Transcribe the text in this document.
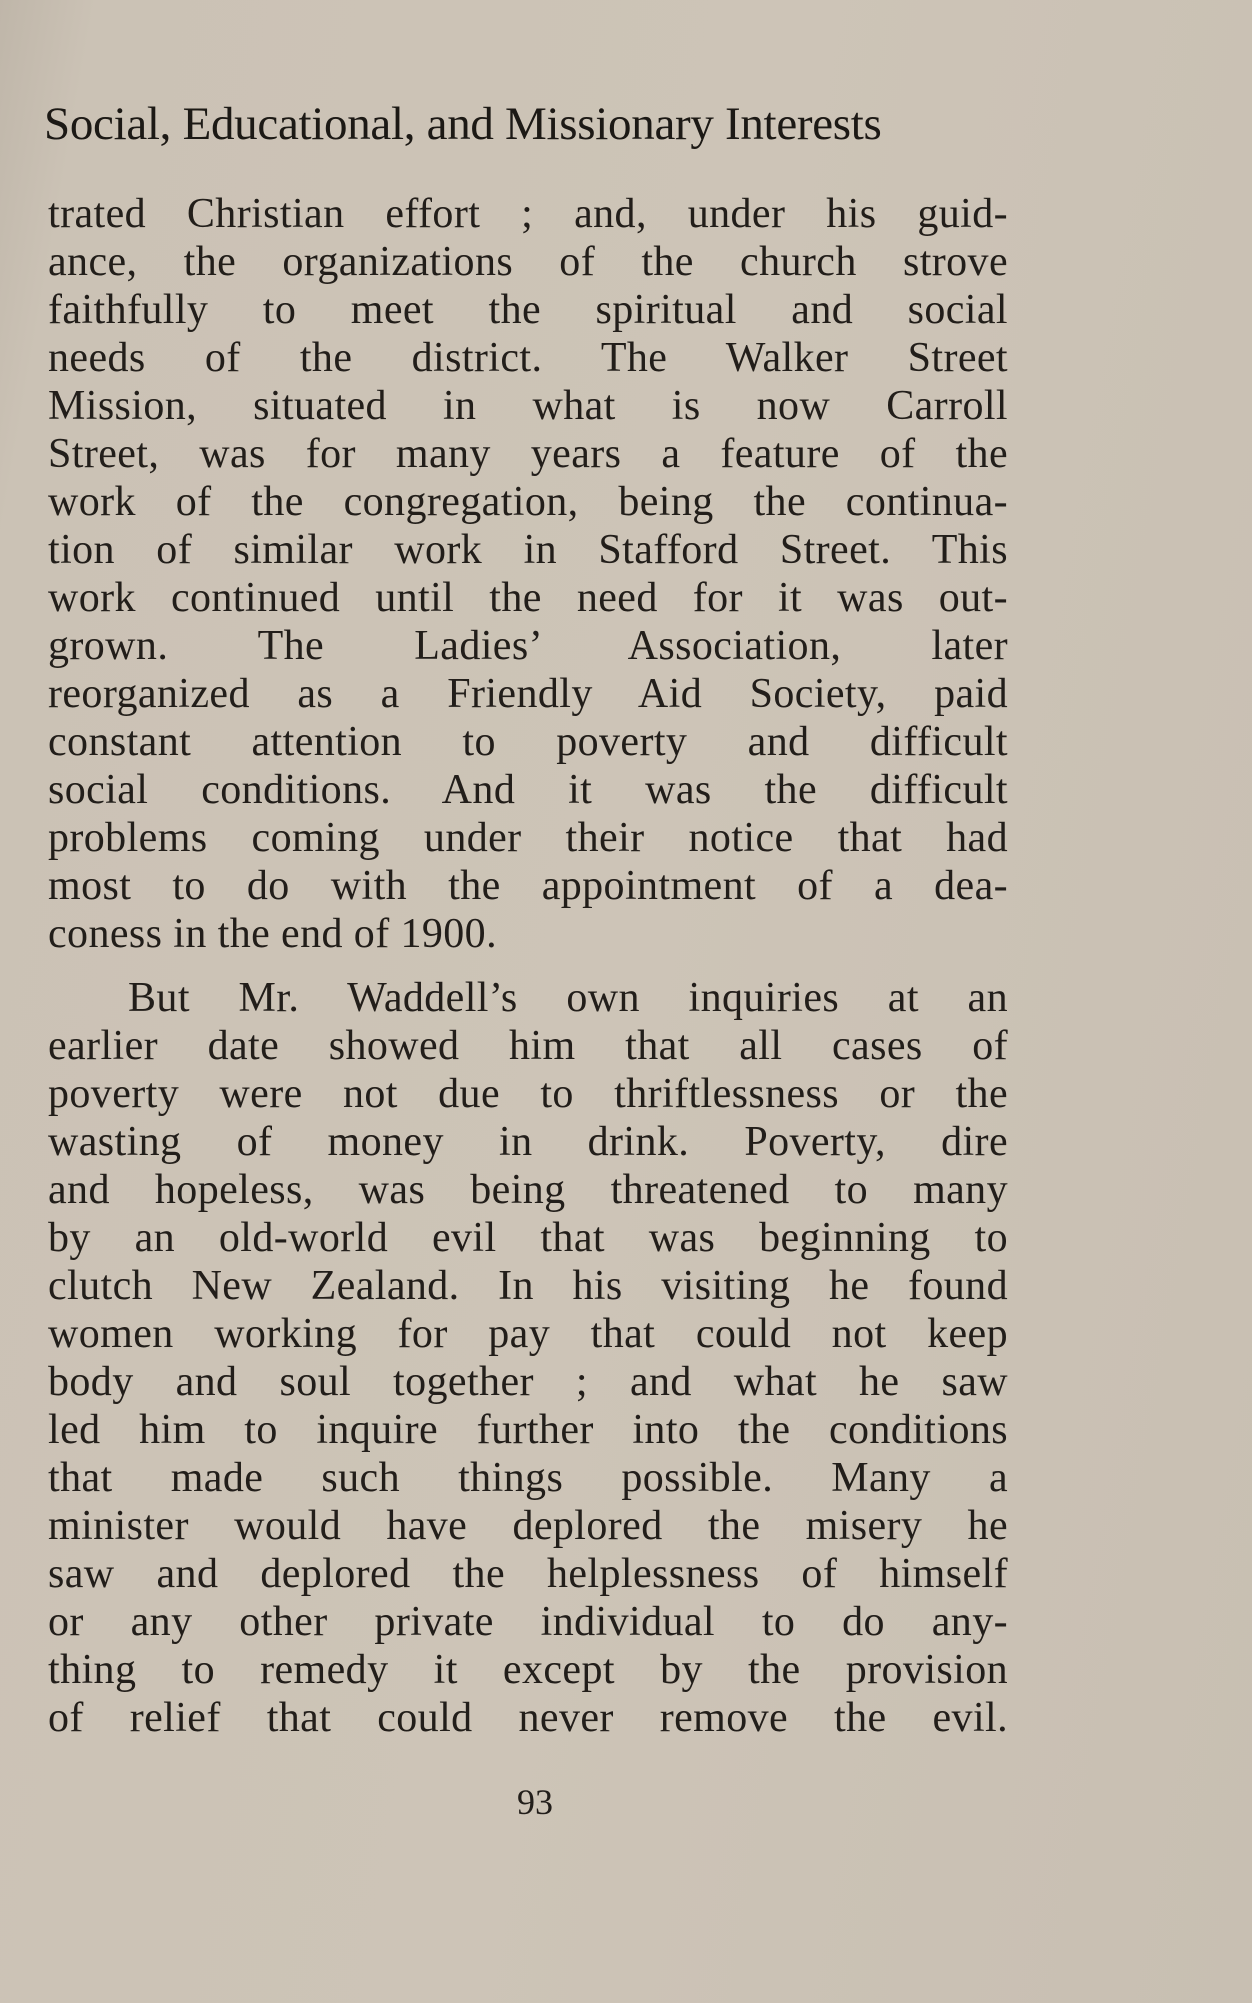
Social, Educational, and Missionary Interests
trated Christian effort ; and, under his guid-
ance, the organizations of the church strove
faithfully to meet the spiritual and social
needs of the district. The Walker Street
Mission, situated in what is now Carroll
Street, was for many years a feature of the
work of the congregation, being the continua-
tion of similar work in Stafford Street. This
work continued until the need for it was out-
grown. The Ladies’ Association, later
reorganized as a Friendly Aid Society, paid
constant attention to poverty and difficult
social conditions. And it was the difficult
problems coming under their notice that had
most to do with the appointment of a dea-
coness in the end of 1900.
But Mr. Waddell’s own inquiries at an
earlier date showed him that all cases of
poverty were not due to thriftlessness or the
wasting of money in drink. Poverty, dire
and hopeless, was being threatened to many
by an old-world evil that was beginning to
clutch New Zealand. In his visiting he found
women working for pay that could not keep
body and soul together ; and what he saw
led him to inquire further into the conditions
that made such things possible. Many a
minister would have deplored the misery he
saw and deplored the helplessness of himself
or any other private individual to do any-
thing to remedy it except by the provision
of relief that could never remove the evil.
93
